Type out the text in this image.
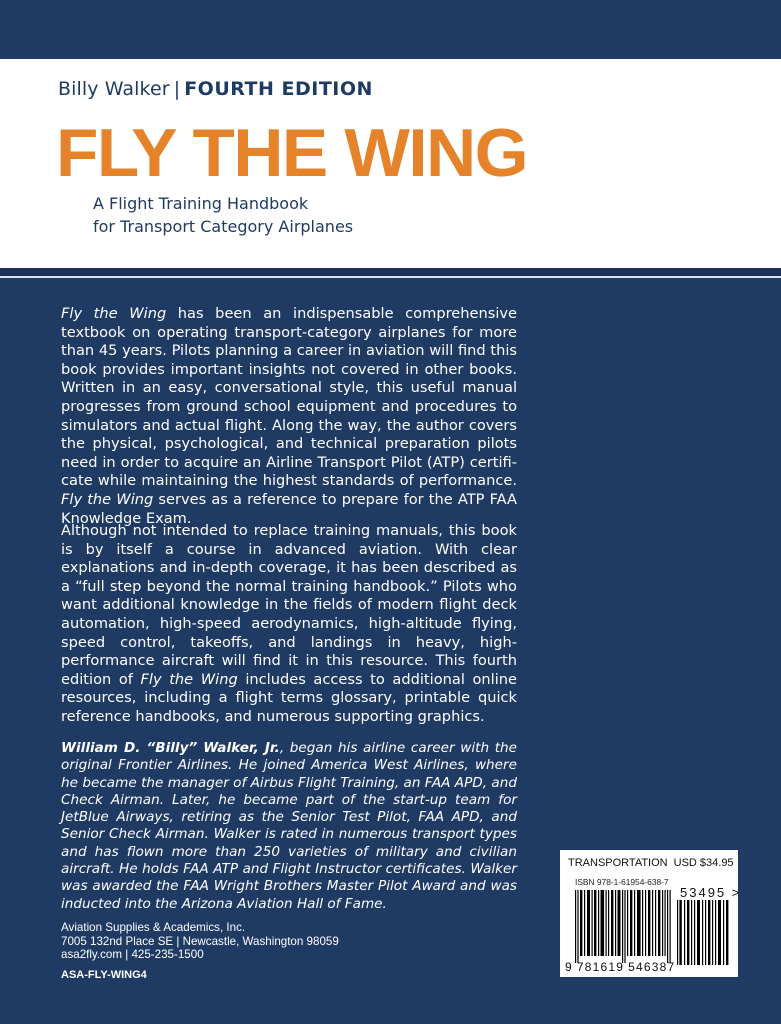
Billy Walker | FOURTH EDITION
FLY THE WING
A Flight Training Handbook
for Transport Category Airplanes
Fly the Wing has been an indispensable comprehensive textbook on operating transport-category airplanes for more than 45 years. Pilots planning a career in aviation will find this book provides important insights not covered in other books. Written in an easy, conversational style, this useful manual progresses from ground school equipment and procedures to simulators and actual flight. Along the way, the author covers the physical, psychological, and technical preparation pilots need in order to acquire an Airline Transport Pilot (ATP) certificate while maintaining the highest standards of performance. Fly the Wing serves as a reference to prepare for the ATP FAA Knowledge Exam.
Although not intended to replace training manuals, this book is by itself a course in advanced aviation. With clear explanations and in-depth coverage, it has been described as a “full step beyond the normal training handbook.” Pilots who want additional knowledge in the fields of modern flight deck automation, high-speed aerodynamics, high-altitude flying, speed control, takeoffs, and landings in heavy, high-performance aircraft will find it in this resource. This fourth edition of Fly the Wing includes access to additional online resources, including a flight terms glossary, printable quick reference handbooks, and numerous supporting graphics.
William D. “Billy” Walker, Jr., began his airline career with the original Frontier Airlines. He joined America West Airlines, where he became the manager of Airbus Flight Training, an FAA APD, and Check Airman. Later, he became part of the start-up team for JetBlue Airways, retiring as the Senior Test Pilot, FAA APD, and Senior Check Airman. Walker is rated in numerous transport types and has flown more than 250 varieties of military and civilian aircraft. He holds FAA ATP and Flight Instructor certificates. Walker was awarded the FAA Wright Brothers Master Pilot Award and was inducted into the Arizona Aviation Hall of Fame.
Aviation Supplies & Academics, Inc.
7005 132nd Place SE | Newcastle, Washington 98059
asa2fly.com | 425-235-1500
ASA-FLY-WING4
TRANSPORTATION USD $34.95
ISBN 978-1-61954-638-7
53495 >
9 781619 546387
